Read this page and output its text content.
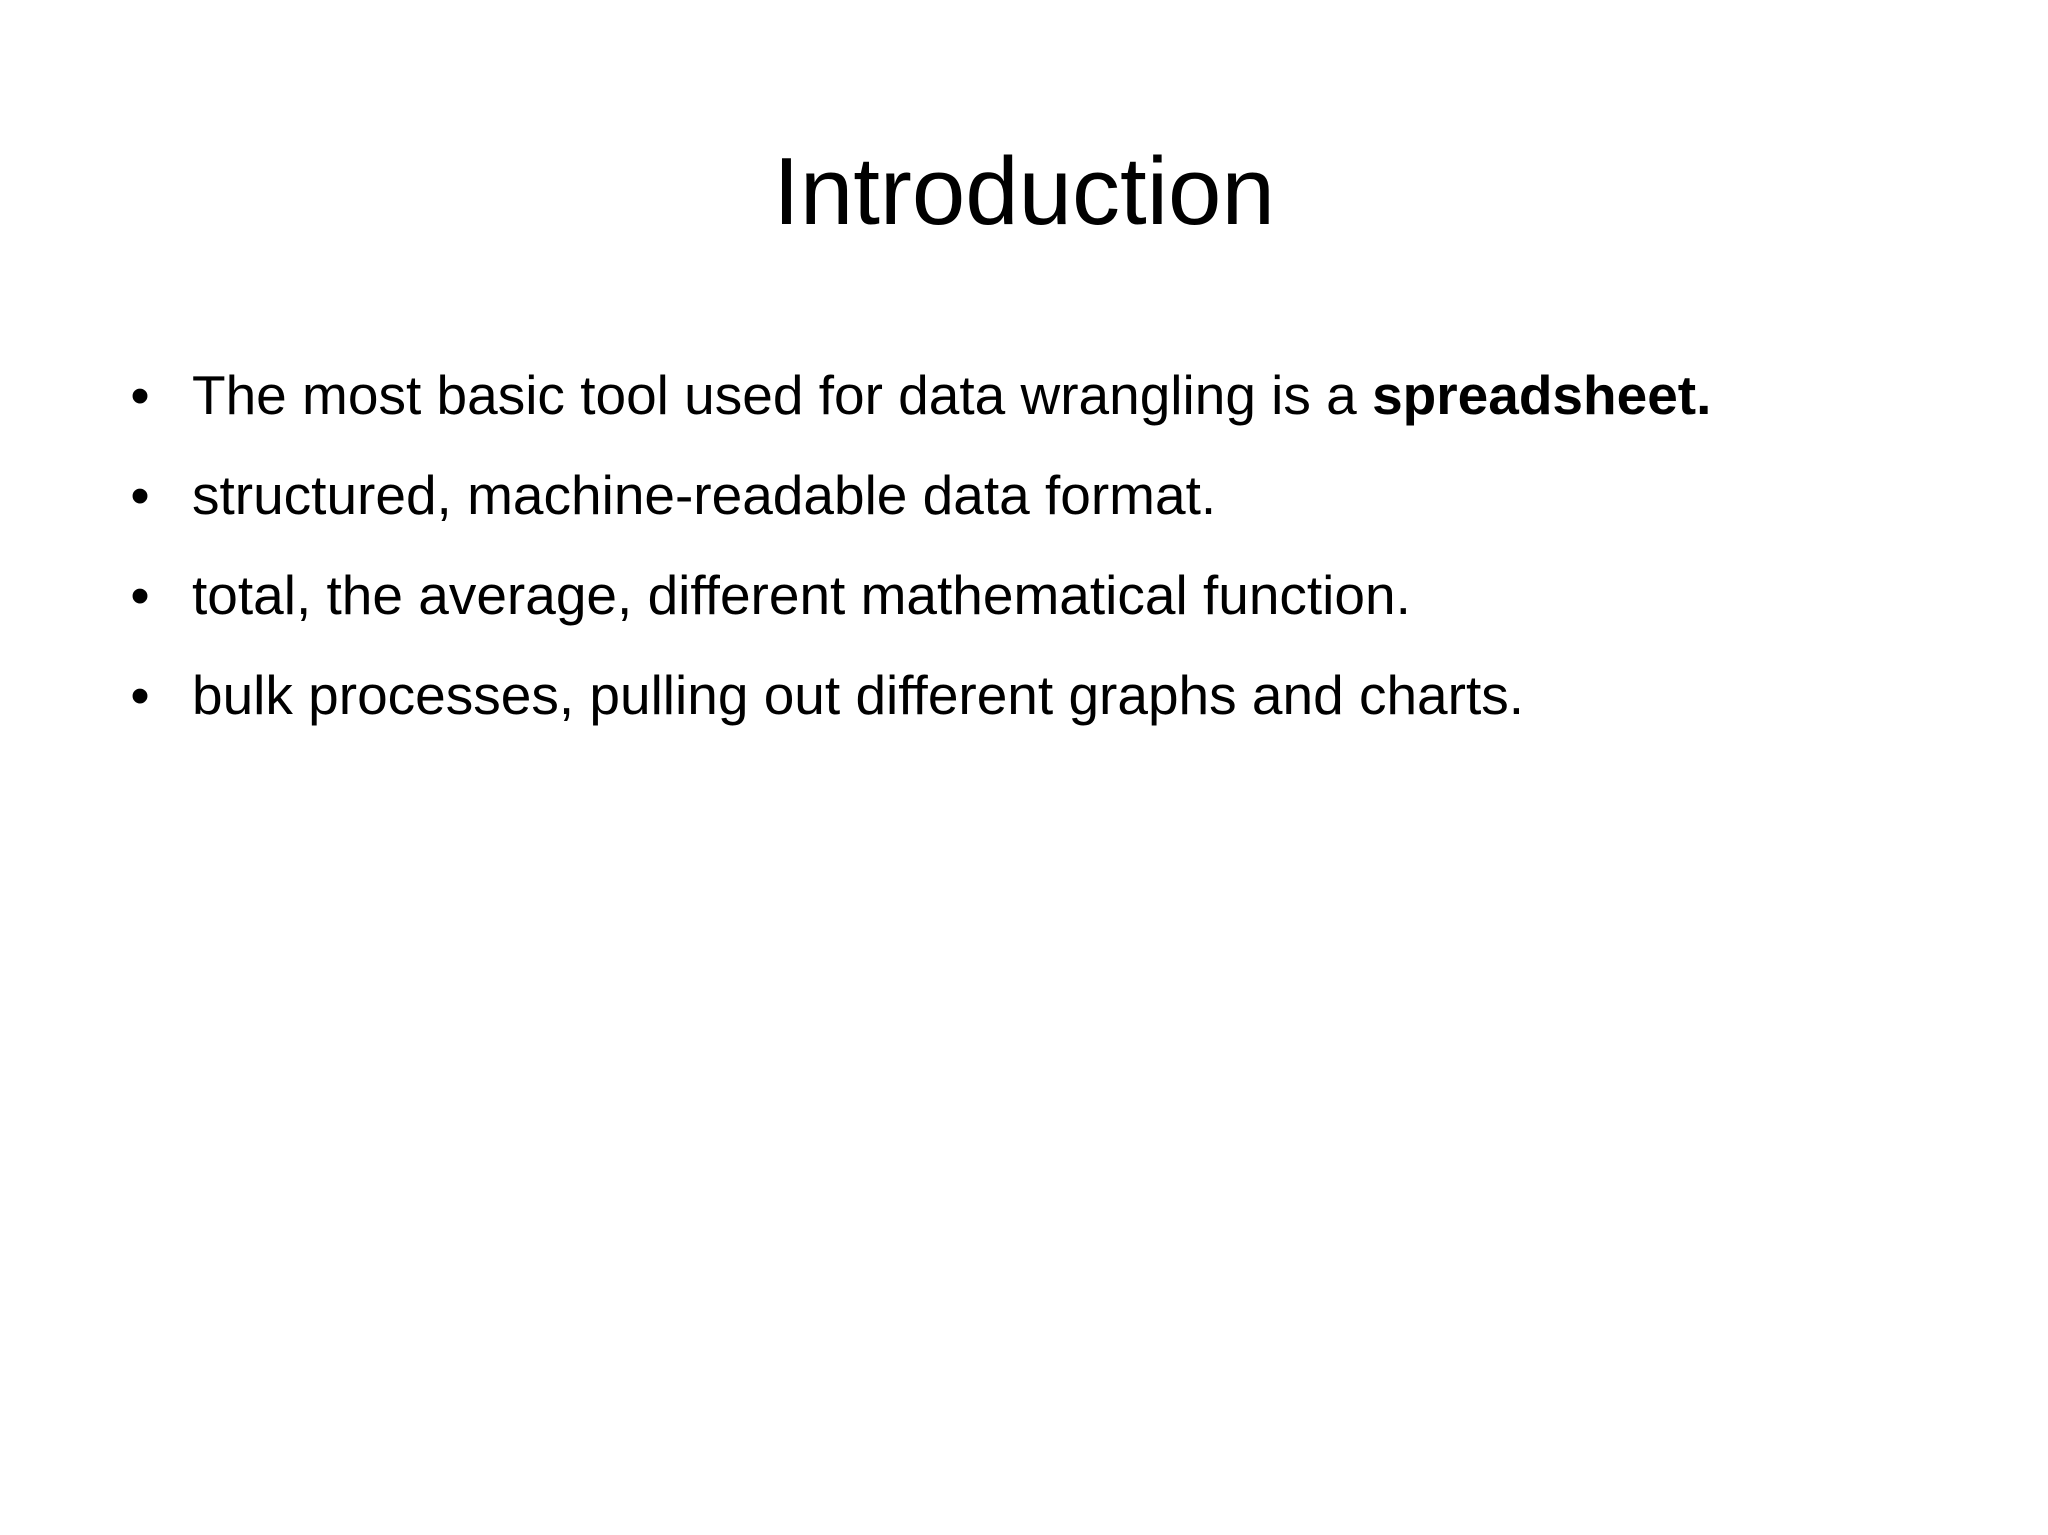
Introduction
• The most basic tool used for data wrangling is a spreadsheet.
• structured, machine-readable data format.
• total, the average, different mathematical function.
• bulk processes, pulling out different graphs and charts.
